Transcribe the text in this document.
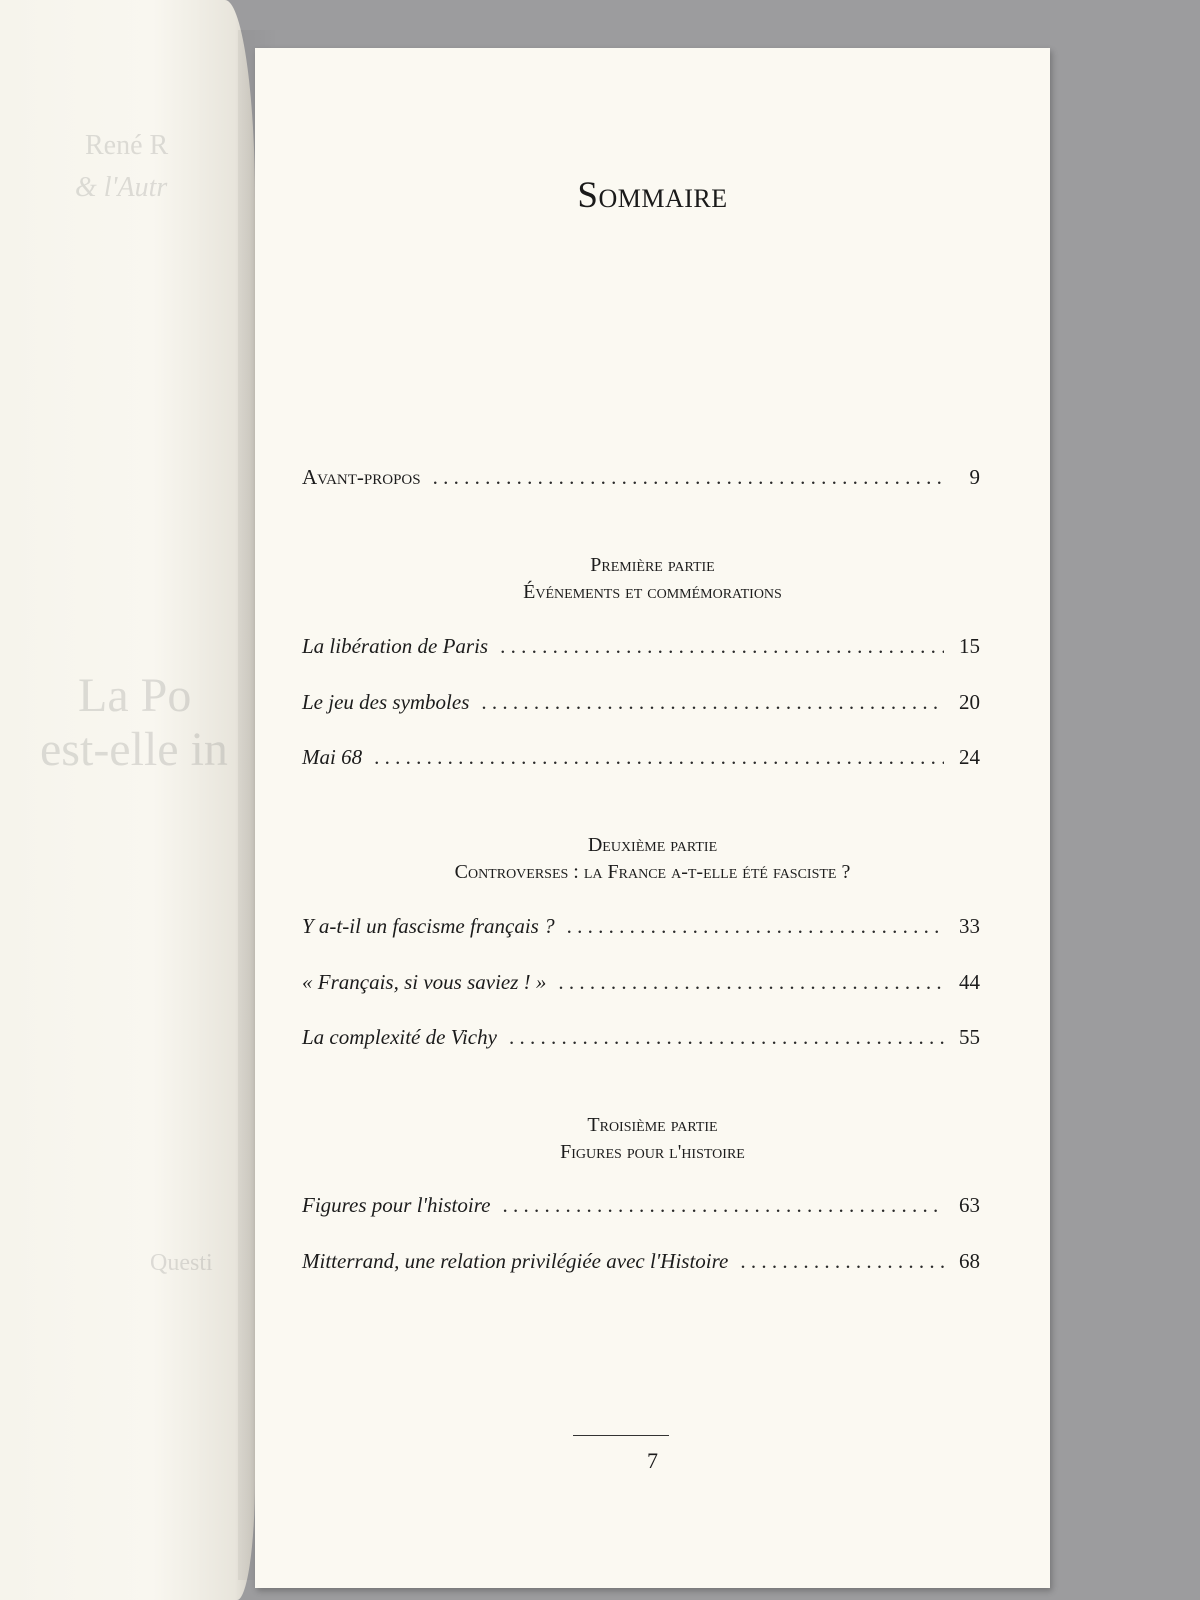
René R
& l'Autr
La Po
est-elle in
Questi
Sommaire
Avant-propos . . .	9
Première partie
Événements et commémorations
La libération de Paris . . .	15
Le jeu des symboles . . .	20
Mai 68 . . .	24
Deuxième partie
Controverses : la France a-t-elle été fasciste ?
Y a-t-il un fascisme français ? . . .	33
« Français, si vous saviez ! » . . .	44
La complexité de Vichy . . .	55
Troisième partie
Figures pour l'histoire
Figures pour l'histoire . . .	63
Mitterrand, une relation privilégiée avec l'Histoire . . .	68
7
